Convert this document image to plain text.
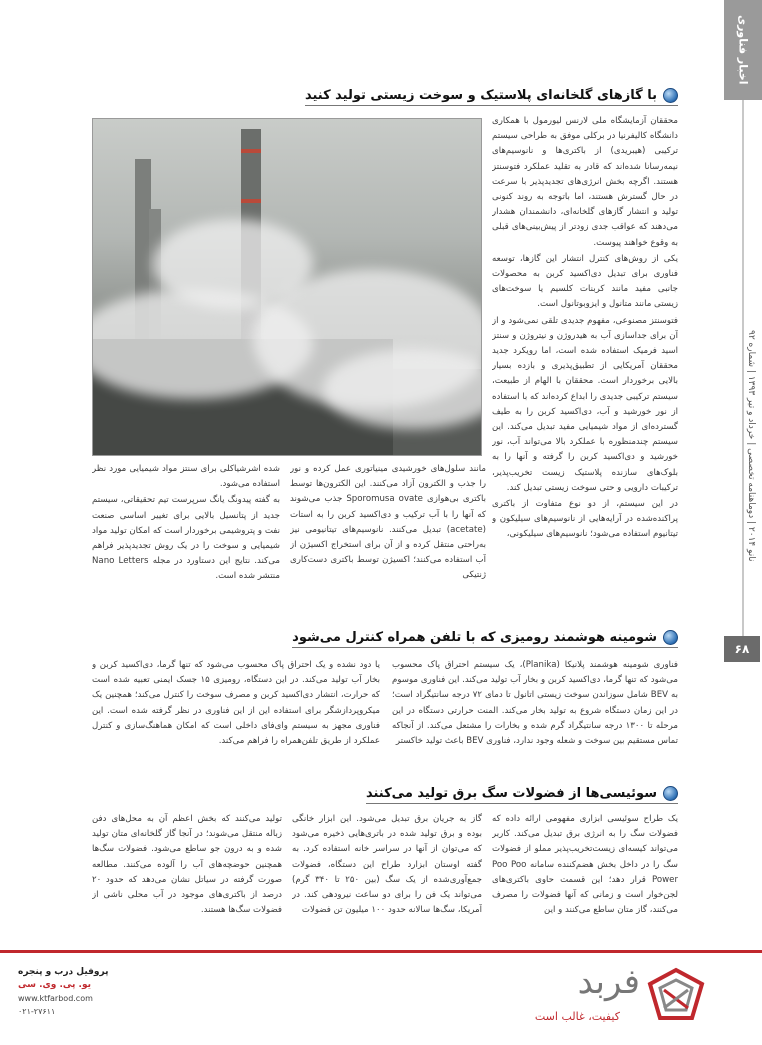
اخبار فناوری
نانو ۲۰۱۴ | دوماهنامه تخصصی | خرداد و تیر ۱۳۹۳ | شماره ۹۲
۶۸
با گازهای گلخانه‌ای پلاستیک و سوخت زیستی تولید کنید

محققان آزمایشگاه ملی لارنس لیورمول با همکاری دانشگاه کالیفرنیا در برکلی موفق به طراحی سیستم ترکیبی (هیبریدی) از باکتری‌ها و نانوسیم‌های نیمه‌رسانا شده‌اند که قادر به تقلید عملکرد فتوسنتز هستند. اگرچه بخش انرژی‌های تجدیدپذیر با سرعت در حال گسترش هستند، اما باتوجه به روند کنونی تولید و انتشار گازهای گلخانه‌ای، دانشمندان هشدار می‌دهند که عواقب جدی زودتر از پیش‌بینی‌های قبلی به وقوع خواهند پیوست.

یکی از روش‌های کنترل انتشار این گازها، توسعه فناوری برای تبدیل دی‌اکسید کربن به محصولات جانبی مفید مانند کربنات کلسیم یا سوخت‌های زیستی مانند متانول و ایزوبوتانول است.

فتوسنتز مصنوعی، مفهوم جدیدی تلقی نمی‌شود و از آن برای جداسازی آب به هیدروژن و نیتروژن و سنتز اسید فرمیک استفاده شده است، اما رویکرد جدید محققان آمریکایی از تطبیق‌پذیری و بازده بسیار بالایی برخوردار است. محققان با الهام از طبیعت، سیستم ترکیبی جدیدی را ابداع کرده‌اند که با استفاده از نور خورشید و آب، دی‌اکسید کربن را به طیف گسترده‌ای از مواد شیمیایی مفید تبدیل می‌کند. این سیستم چندمنظوره با عملکرد بالا می‌تواند آب، نور خورشید و دی‌اکسید کربن را گرفته و آنها را به بلوک‌های سازنده پلاستیک زیست تخریب‌پذیر، ترکیبات دارویی و حتی سوخت زیستی تبدیل کند.

در این سیستم، از دو نوع متفاوت از باکتری پراکنده‌شده در آرایه‌هایی از نانوسیم‌های سیلیکون و تیتانیوم استفاده می‌شود؛ نانوسیم‌های سیلیکونی،

مانند سلول‌های خورشیدی مینیاتوری عمل کرده و نور را جذب و الکترون آزاد می‌کنند. این الکترون‌ها توسط باکتری بی‌هوازی Sporomusa ovate جذب می‌شوند که آنها را با آب ترکیب و دی‌اکسید کربن را به استات (acetate) تبدیل می‌کنند. نانوسیم‌های تیتانیومی نیز به‌راحتی منتقل کرده و از آن برای استخراج اکسیژن از آب استفاده می‌کنند؛ اکسیژن توسط باکتری دست‌کاری ژنتیکی

شده اشرشیاکلی برای سنتز مواد شیمیایی مورد نظر استفاده می‌شود.

به گفته پیدونگ یانگ سرپرست تیم تحقیقاتی، سیستم جدید از پتانسیل بالایی برای تغییر اساسی صنعت نفت و پتروشیمی برخوردار است که امکان تولید مواد شیمیایی و سوخت را در یک روش تجدیدپذیر فراهم می‌کند. نتایج این دستاورد در مجله Nano Letters منتشر شده است.

شومینه هوشمند رومیزی که با تلفن همراه کنترل می‌شود

فناوری شومینه هوشمند پلانیکا (Planika)، یک سیستم احتراق پاک محسوب می‌شود که تنها گرما، دی‌اکسید کربن و بخار آب تولید می‌کند. این فناوری موسوم به BEV شامل سوزاندن سوخت زیستی اتانول تا دمای ۷۲ درجه سانتیگراد است؛ در این زمان دستگاه شروع به تولید بخار می‌کند. المنت حرارتی دستگاه در این مرحله تا ۱۳۰۰ درجه سانتیگراد گرم شده و بخارات را مشتعل می‌کند. از آنجاکه تماس مستقیم بین سوخت و شعله وجود ندارد، فناوری BEV باعث تولید خاکستر

یا دود نشده و یک احتراق پاک محسوب می‌شود که تنها گرما، دی‌اکسید کربن و بخار آب تولید می‌کند. در این دستگاه، رومیزی ۱۵ جسک ایمنی تعبیه شده است که حرارت، انتشار دی‌اکسید کربن و مصرف سوخت را کنترل می‌کند؛ همچنین یک میکروپردازشگر برای استفاده این از این فناوری در نظر گرفته شده است. این فناوری مجهز به سیستم وای‌فای داخلی است که امکان هماهنگ‌سازی و کنترل عملکرد از طریق تلفن‌همراه را فراهم می‌کند.

سوئیسی‌ها از فضولات سگ برق تولید می‌کنند

یک طراح سوئیسی ابزاری مفهومی ارائه داده که فضولات سگ را به انرژی برق تبدیل می‌کند. کاربر می‌تواند کیسه‌ای زیست‌تخریب‌پذیر مملو از فضولات سگ را در داخل بخش هضم‌کننده سامانه Poo Poo Power قرار دهد؛ این قسمت حاوی باکتری‌های لجن‌خوار است و زمانی که آنها فضولات را مصرف می‌کنند، گاز متان ساطع می‌کنند و این

گاز به جریان برق تبدیل می‌شود. این ابزار خانگی بوده و برق تولید شده در باتری‌هایی ذخیره می‌شود که می‌توان از آنها در سراسر خانه استفاده کرد. به گفته اوستان ابزارد طراح این دستگاه، فضولات جمع‌آوری‌شده از یک سگ (بین ۲۵۰ تا ۳۴۰ گرم) می‌تواند یک فن را برای دو ساعت نیرودهی کند. در آمریکا، سگ‌ها سالانه حدود ۱۰۰ میلیون تن فضولات

تولید می‌کنند که بخش اعظم آن به محل‌های دفن زباله منتقل می‌شوند؛ در آنجا گاز گلخانه‌ای متان تولید شده و به درون جو ساطع می‌شود. فضولات سگ‌ها همچنین حوضچه‌های آب را آلوده می‌کنند. مطالعه صورت گرفته در سیاتل نشان می‌دهد که حدود ۲۰ درصد از باکتری‌های موجود در آب محلی ناشی از فضولات سگ‌ها هستند.

فربد
کیفیت، غالب است
پروفیل درب و پنجره
یو. پی. وی. سی
www.ktfarbod.com
۰۲۱-۲۷۶۱۱
